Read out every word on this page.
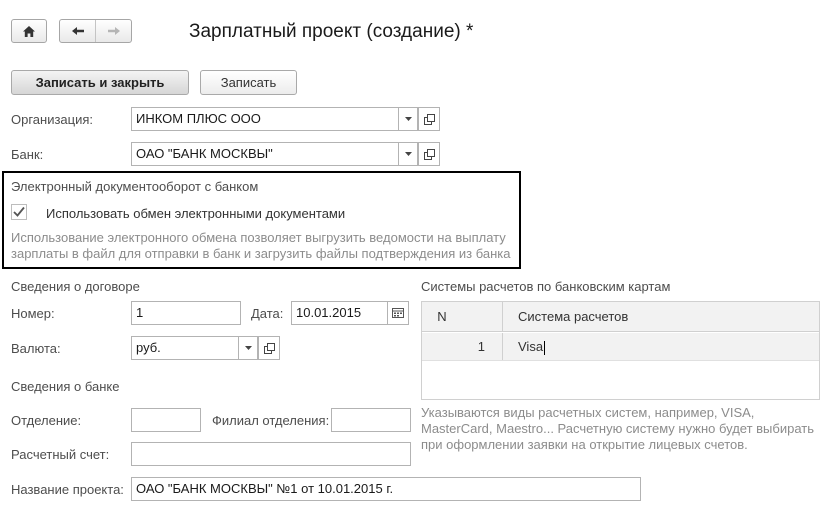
Зарплатный проект (создание) *
Записать и закрыть	Записать
Организация:	ИНКОМ ПЛЮС ООО
Банк:	ОАО "БАНК МОСКВЫ"
Электронный документооборот с банком
Использовать обмен электронными документами
Использование электронного обмена позволяет выгрузить ведомости на выплату
зарплаты в файл для отправки в банк и загрузить файлы подтверждения из банка
Сведения о договоре
Номер:	1	Дата: 10.01.2015
Валюта:	руб.
Сведения о банке
Отделение:	Филиал отделения:
Расчетный счет:
Название проекта: ОАО "БАНК МОСКВЫ" №1 от 10.01.2015 г.
Системы расчетов по банковским картам
N	Система расчетов
1	Visa
Указываются виды расчетных систем, например, VISA,
MasterCard, Maestro... Расчетную систему нужно будет выбирать
при оформлении заявки на открытие лицевых счетов.
